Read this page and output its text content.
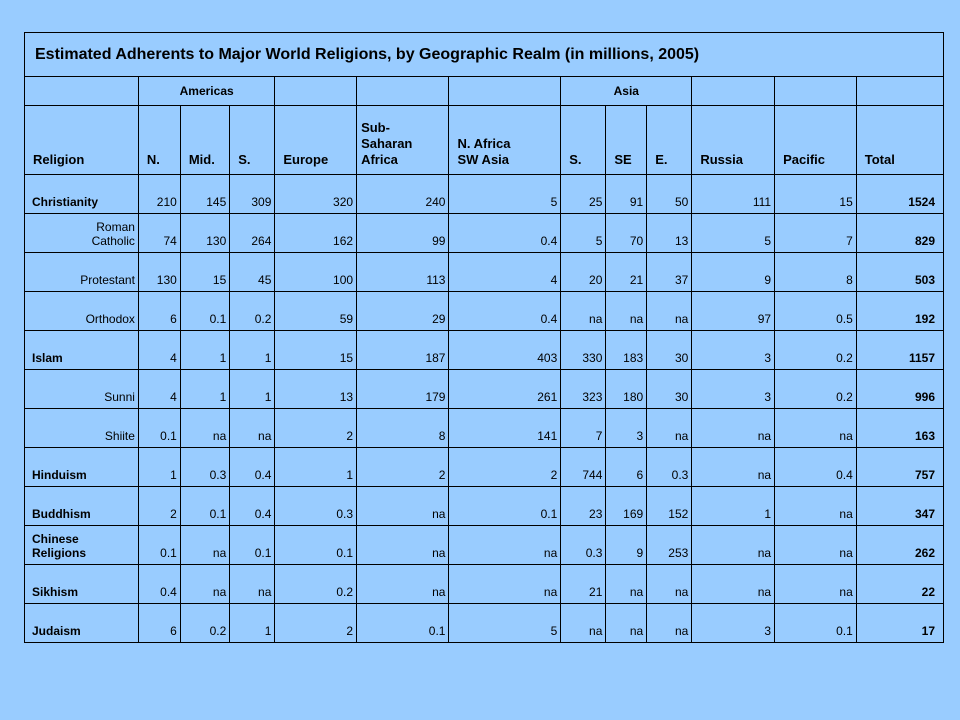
Estimated Adherents to Major World Religions, by Geographic Realm (in millions, 2005)												
	Americas						Asia					
Religion	N.	Mid.	S.	Europe	Sub-
Saharan
Africa	N. Africa
SW Asia	S.	SE	E.	Russia	Pacific	Total
Christianity	210	145	309	320	240	5	25	91	50	111	15	1524
Roman
Catholic	74	130	264	162	99	0.4	5	70	13	5	7	829
Protestant	130	15	45	100	113	4	20	21	37	9	8	503
Orthodox	6	0.1	0.2	59	29	0.4	na	na	na	97	0.5	192
Islam	4	1	1	15	187	403	330	183	30	3	0.2	1157
Sunni	4	1	1	13	179	261	323	180	30	3	0.2	996
Shiite	0.1	na	na	2	8	141	7	3	na	na	na	163
Hinduism	1	0.3	0.4	1	2	2	744	6	0.3	na	0.4	757
Buddhism	2	0.1	0.4	0.3	na	0.1	23	169	152	1	na	347
Chinese
Religions	0.1	na	0.1	0.1	na	na	0.3	9	253	na	na	262
Sikhism	0.4	na	na	0.2	na	na	21	na	na	na	na	22
Judaism	6	0.2	1	2	0.1	5	na	na	na	3	0.1	17
